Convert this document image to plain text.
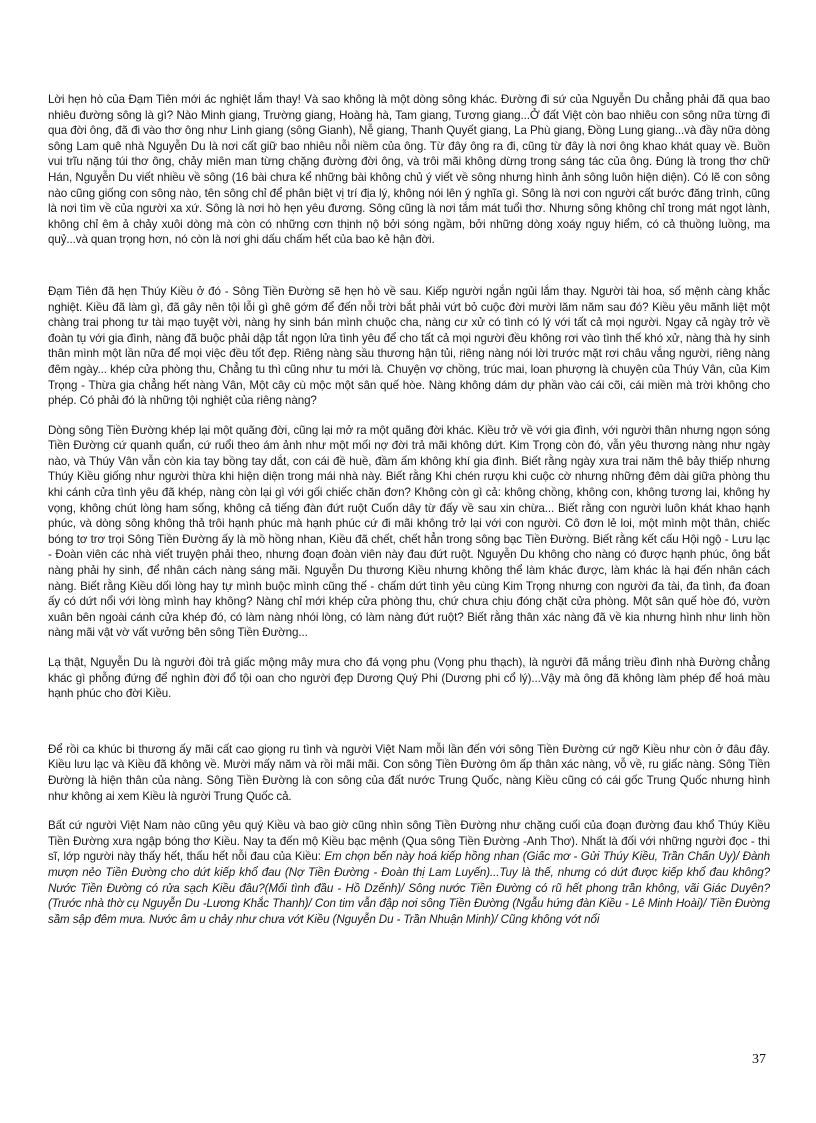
Lời hẹn hò của Đạm Tiên mới ác nghiệt lắm thay! Và sao không là một dòng sông khác. Đường đi sứ của Nguyễn Du chẳng phải đã qua bao nhiêu đường sông là gì? Nào Minh giang, Trường giang, Hoàng hà, Tam giang, Tương giang...Ở đất Việt còn bao nhiêu con sông nữa từng đi qua đời ông, đã đi vào thơ ông như Linh giang (sông Gianh), Nễ giang, Thanh Quyết giang, La Phù giang, Đồng Lung giang...và đầy nữa dòng sông Lam quê nhà Nguyễn Du là nơi cất giữ bao nhiêu nỗi niềm của ông. Từ đây ông ra đi, cũng từ đây là nơi ông khao khát quay về. Buồn vui trĩu nặng túi thơ ông, chảy miên man từng chặng đường đời ông, và trôi mãi không dừng trong sáng tác của ông. Đúng là trong thơ chữ Hán, Nguyễn Du viết nhiều về sông (16 bài chưa kể những bài không chủ ý viết về sông nhưng hình ảnh sông luôn hiện diện). Có lẽ con sông nào cũng giống con sông nào, tên sông chỉ để phân biệt vị trí địa lý, không nói lên ý nghĩa gì. Sông là nơi con người cất bước đăng trình, cũng là nơi tìm về của người xa xứ. Sông là nơi hò hẹn yêu đương. Sông cũng là nơi tắm mát tuổi thơ. Nhưng sông không chỉ trong mát ngọt lành, không chỉ êm ả chảy xuôi dòng mà còn có những cơn thịnh nộ bởi sóng ngầm, bởi những dòng xoáy nguy hiểm, có cả thuồng luồng, ma quỷ...và quan trọng hơn, nó còn là nơi ghi dấu chấm hết của bao kẻ hận đời.

Đạm Tiên đã hẹn Thúy Kiều ở đó - Sông Tiền Đường sẽ hẹn hò về sau. Kiếp người ngắn ngủi lắm thay. Người tài hoa, số mệnh càng khắc nghiệt. Kiều đã làm gì, đã gây nên tội lỗi gì ghê gớm để đến nỗi trời bắt phải vứt bỏ cuộc đời mười lăm năm sau đó? Kiều yêu mãnh liệt một chàng trai phong tư tài mạo tuyệt vời, nàng hy sinh bán mình chuộc cha, nàng cư xử có tình có lý với tất cả mọi người. Ngay cả ngày trở về đoàn tụ với gia đình, nàng đã buộc phải dập tắt ngọn lửa tình yêu để cho tất cả mọi người đều không rơi vào tình thế khó xử, nàng thà hy sinh thân mình một lần nữa để mọi việc đều tốt đẹp. Riêng nàng sầu thương hận tủi, riêng nàng nói lời trước mặt rơi châu vắng người, riêng nàng đêm ngày... khép cửa phòng thu, Chẳng tu thì cũng như tu mới là. Chuyện vợ chồng, trúc mai, loan phượng là chuyện của Thúy Vân, của Kim Trọng - Thừa gia chẳng hết nàng Vân, Một cây cù mộc một sân quế hòe. Nàng không dám dự phần vào cái cõi, cái miền mà trời không cho phép. Có phải đó là những tội nghiệt của riêng nàng?

Dòng sông Tiền Đường khép lại một quãng đời, cũng lại mở ra một quãng đời khác. Kiều trở về với gia đình, với người thân nhưng ngọn sóng Tiền Đường cứ quanh quẩn, cứ ruổi theo ám ảnh như một mối nợ đời trả mãi không dứt. Kim Trọng còn đó, vẫn yêu thương nàng như ngày nào, và Thúy Vân vẫn còn kia tay bồng tay dắt, con cái đề huề, đầm ấm không khí gia đình. Biết rằng ngày xưa trai năm thê bảy thiếp nhưng Thúy Kiều giống như người thừa khi hiện diện trong mái nhà này. Biết rằng Khi chén rượu khi cuộc cờ nhưng những đêm dài giữa phòng thu khi cánh cửa tình yêu đã khép, nàng còn lại gì với gối chiếc chăn đơn? Không còn gì cả: không chồng, không con, không tương lai, không hy vọng, không chút lòng ham sống, không cả tiếng đàn đứt ruột Cuốn dây từ đấy về sau xin chừa... Biết rằng con người luôn khát khao hạnh phúc, và dòng sông không thả trôi hạnh phúc mà hạnh phúc cứ đi mãi không trở lại với con người. Cô đơn lẻ loi, một mình một thân, chiếc bóng tơ trơ trọi Sông Tiền Đường ấy là mồ hồng nhan, Kiều đã chết, chết hẳn trong sông bạc Tiền Đường. Biết rằng kết cấu Hội ngộ - Lưu lạc - Đoàn viên các nhà viết truyện phải theo, nhưng đoạn đoàn viên này đau đứt ruột. Nguyễn Du không cho nàng có được hạnh phúc, ông bắt nàng phải hy sinh, để nhân cách nàng sáng mãi. Nguyễn Du thương Kiều nhưng không thể làm khác được, làm khác là hại đến nhân cách nàng. Biết rằng Kiều dối lòng hay tự mình buộc mình cũng thế - chấm dứt tình yêu cùng Kim Trọng nhưng con người đa tài, đa tình, đa đoan ấy có dứt nổi với lòng mình hay không? Nàng chỉ mới khép cửa phòng thu, chứ chưa chịu đóng chặt cửa phòng. Một sân quế hòe đó, vườn xuân bên ngoài cánh cửa khép đó, có làm nàng nhói lòng, có làm nàng đứt ruột? Biết rằng thân xác nàng đã về kia nhưng hình như linh hồn nàng mãi vật vờ vất vưởng bên sông Tiền Đường...

Lạ thật, Nguyễn Du là người đòi trả giấc mộng mây mưa cho đá vọng phu (Vọng phu thạch), là người đã mắng triều đình nhà Đường chẳng khác gì phỗng đứng để nghìn đời đổ tội oan cho người đẹp Dương Quý Phi (Dương phi cổ lý)...Vậy mà ông đã không làm phép để hoá màu hạnh phúc cho đời Kiều.

Để rồi ca khúc bi thương ấy mãi cất cao giọng ru tình và người Việt Nam mỗi lần đến với sông Tiền Đường cứ ngỡ Kiều như còn ở đâu đây. Kiều lưu lạc và Kiều đã không về. Mười mấy năm và rồi mãi mãi. Con sông Tiền Đường ôm ấp thân xác nàng, vỗ về, ru giấc nàng. Sông Tiền Đường là hiện thân của nàng. Sông Tiền Đường là con sông của đất nước Trung Quốc, nàng Kiều cũng có cái gốc Trung Quốc nhưng hình như không ai xem Kiều là người Trung Quốc cả.

Bất cứ người Việt Nam nào cũng yêu quý Kiều và bao giờ cũng nhìn sông Tiền Đường như chặng cuối của đoạn đường đau khổ Thúy Kiều Tiền Đường xưa ngập bóng thơ Kiều. Nay ta đến mộ Kiều bạc mệnh (Qua sông Tiền Đường -Anh Thơ). Nhất là đối với những người đọc - thi sĩ, lớp người này thấy hết, thấu hết nỗi đau của Kiều: Em chọn bến này hoá kiếp hồng nhan (Giấc mơ - Gửi Thúy Kiều, Trần Chấn Uy)/ Đành mượn nẻo Tiền Đường cho dứt kiếp khổ đau (Nợ Tiền Đường - Đoàn thị Lam Luyến)...Tuy là thế, nhưng có dứt được kiếp khổ đau không? Nước Tiền Đường có rửa sạch Kiều đâu?(Mối tình đầu - Hồ Dzếnh)/ Sông nước Tiền Đường có rũ hết phong trần không, vãi Giác Duyên? (Trước nhà thờ cụ Nguyễn Du -Lương Khắc Thanh)/ Con tim vẫn đập nơi sông Tiền Đường (Ngẫu hứng đàn Kiều - Lê Minh Hoài)/ Tiền Đường sầm sập đêm mưa. Nước âm u chảy như chưa vớt Kiều (Nguyễn Du - Trần Nhuận Minh)/ Cũng không vớt nổi

37
